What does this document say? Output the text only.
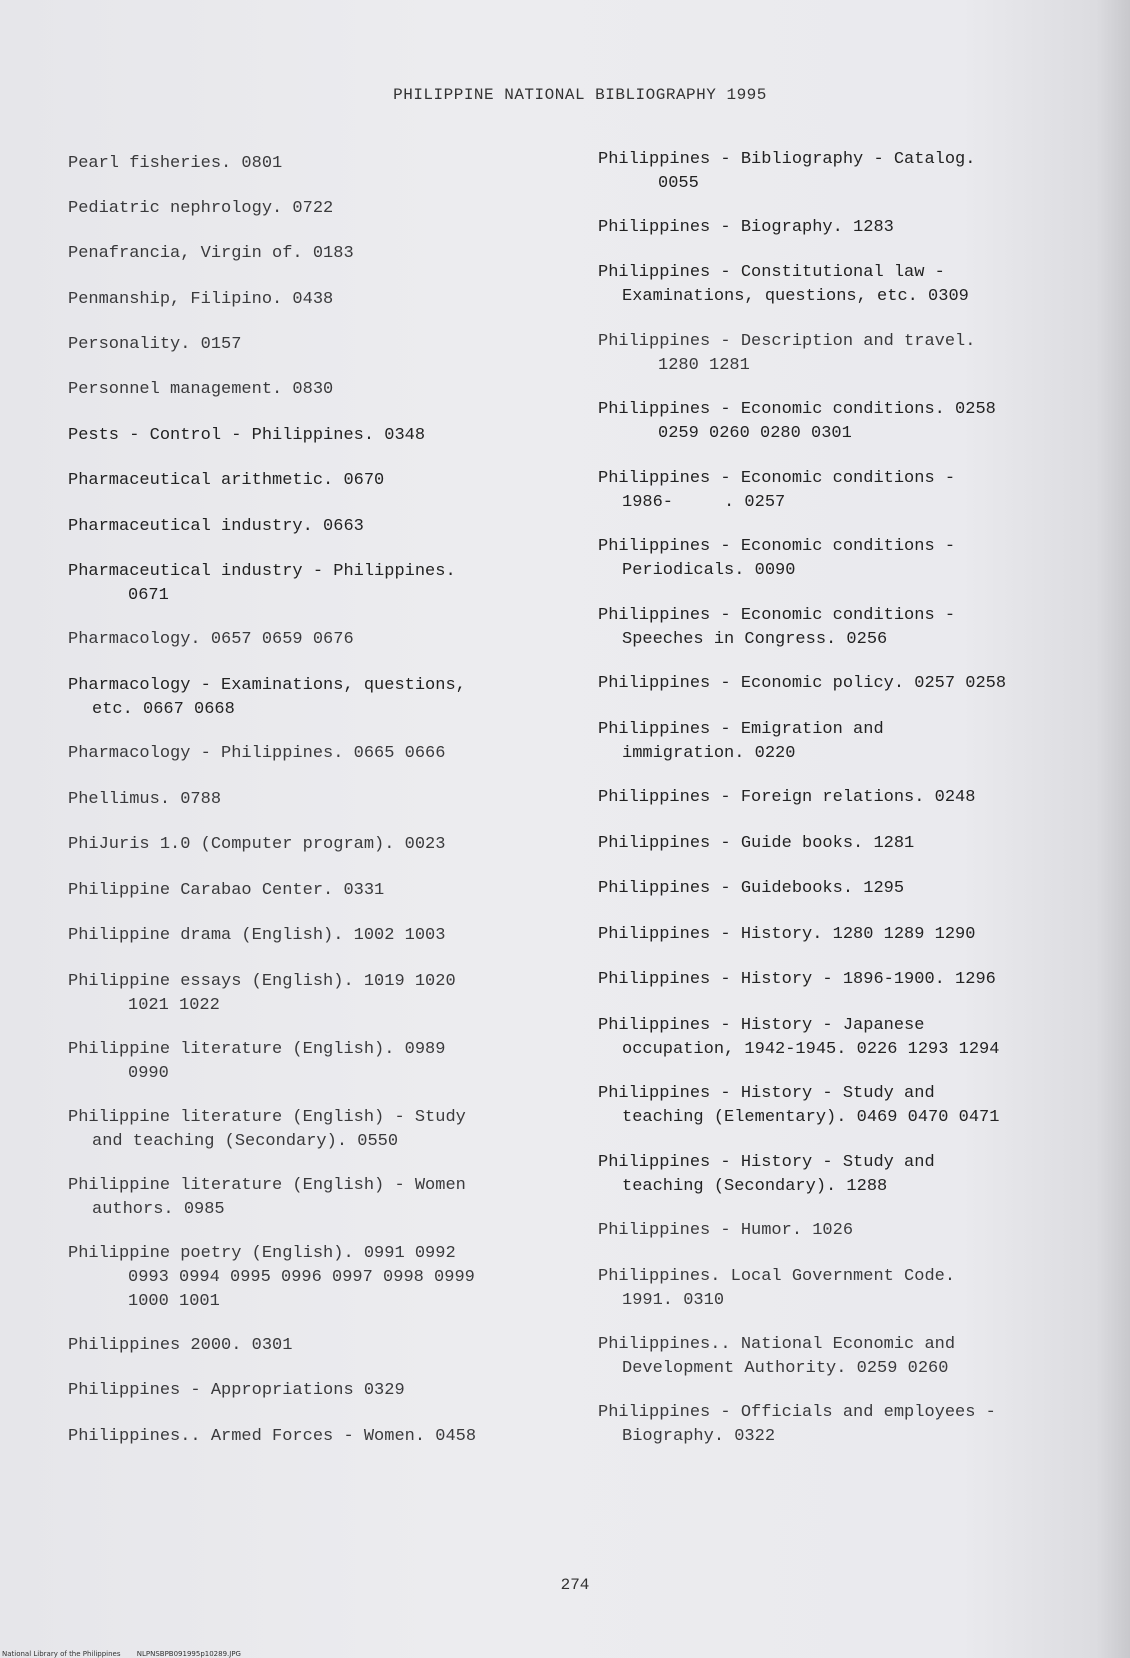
PHILIPPINE NATIONAL BIBLIOGRAPHY 1995
Pearl fisheries. 0801
Pediatric nephrology. 0722
Penafrancia, Virgin of. 0183
Penmanship, Filipino. 0438
Personality. 0157
Personnel management. 0830
Pests - Control - Philippines. 0348
Pharmaceutical arithmetic. 0670
Pharmaceutical industry. 0663
Pharmaceutical industry - Philippines.
0671
Pharmacology. 0657 0659 0676
Pharmacology - Examinations, questions,
etc. 0667 0668
Pharmacology - Philippines. 0665 0666
Phellimus. 0788
PhiJuris 1.0 (Computer program). 0023
Philippine Carabao Center. 0331
Philippine drama (English). 1002 1003
Philippine essays (English). 1019 1020
1021 1022
Philippine literature (English). 0989
0990
Philippine literature (English) - Study
and teaching (Secondary). 0550
Philippine literature (English) - Women
authors. 0985
Philippine poetry (English). 0991 0992
0993 0994 0995 0996 0997 0998 0999
1000 1001
Philippines 2000. 0301
Philippines - Appropriations 0329
Philippines.. Armed Forces - Women. 0458
Philippines - Bibliography - Catalog.
0055
Philippines - Biography. 1283
Philippines - Constitutional law -
Examinations, questions, etc. 0309
Philippines - Description and travel.
1280 1281
Philippines - Economic conditions. 0258
0259 0260 0280 0301
Philippines - Economic conditions -
1986-     . 0257
Philippines - Economic conditions -
Periodicals. 0090
Philippines - Economic conditions -
Speeches in Congress. 0256
Philippines - Economic policy. 0257 0258
Philippines - Emigration and
immigration. 0220
Philippines - Foreign relations. 0248
Philippines - Guide books. 1281
Philippines - Guidebooks. 1295
Philippines - History. 1280 1289 1290
Philippines - History - 1896-1900. 1296
Philippines - History - Japanese
occupation, 1942-1945. 0226 1293 1294
Philippines - History - Study and
teaching (Elementary). 0469 0470 0471
Philippines - History - Study and
teaching (Secondary). 1288
Philippines - Humor. 1026
Philippines. Local Government Code.
1991. 0310
Philippines.. National Economic and
Development Authority. 0259 0260
Philippines - Officials and employees -
Biography. 0322
274
National Library of the Philippines NLPNSBPB091995p10289.JPG
